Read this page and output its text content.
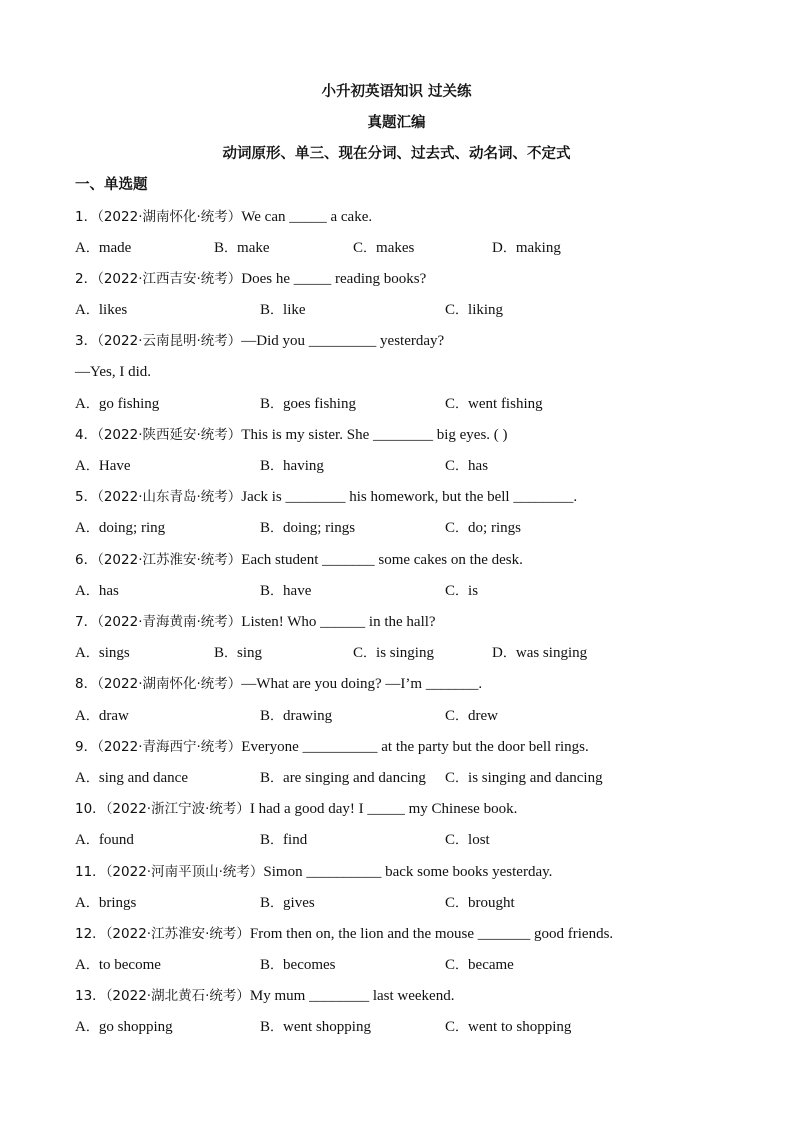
小升初英语知识 过关练
真题汇编
动词原形、单三、现在分词、过去式、动名词、不定式
一、单选题
1．（2022·湖南怀化·统考）We can _____ a cake.
A．made	B．make	C．makes	D．making
2．（2022·江西吉安·统考）Does he _____ reading books?
A．likes	B．like	C．liking
3．（2022·云南昆明·统考）—Did you _________ yesterday?
—Yes, I did.
A．go fishing	B．goes fishing	C．went fishing
4．（2022·陕西延安·统考）This is my sister. She ________ big eyes. ( )
A．Have	B．having	C．has
5．（2022·山东青岛·统考）Jack is ________ his homework, but the bell ________.
A．doing; ring	B．doing; rings	C．do; rings
6．（2022·江苏淮安·统考）Each student _______ some cakes on the desk.
A．has	B．have	C．is
7．（2022·青海黄南·统考）Listen! Who ______ in the hall?
A．sings	B．sing	C．is singing	D．was singing
8．（2022·湖南怀化·统考）—What are you doing? —I’m _______.
A．draw	B．drawing	C．drew
9．（2022·青海西宁·统考）Everyone __________ at the party but the door bell rings.
A．sing and dance	B．are singing and dancing C．is singing and dancing
10．（2022·浙江宁波·统考）I had a good day! I _____ my Chinese book.
A．found	B．find	C．lost
11．（2022·河南平顶山·统考）Simon __________ back some books yesterday.
A．brings	B．gives	C．brought
12．（2022·江苏淮安·统考）From then on, the lion and the mouse _______ good friends.
A．to become	B．becomes	C．became
13．（2022·湖北黄石·统考）My mum ________ last weekend.
A．go shopping	B．went shopping	C．went to shopping
